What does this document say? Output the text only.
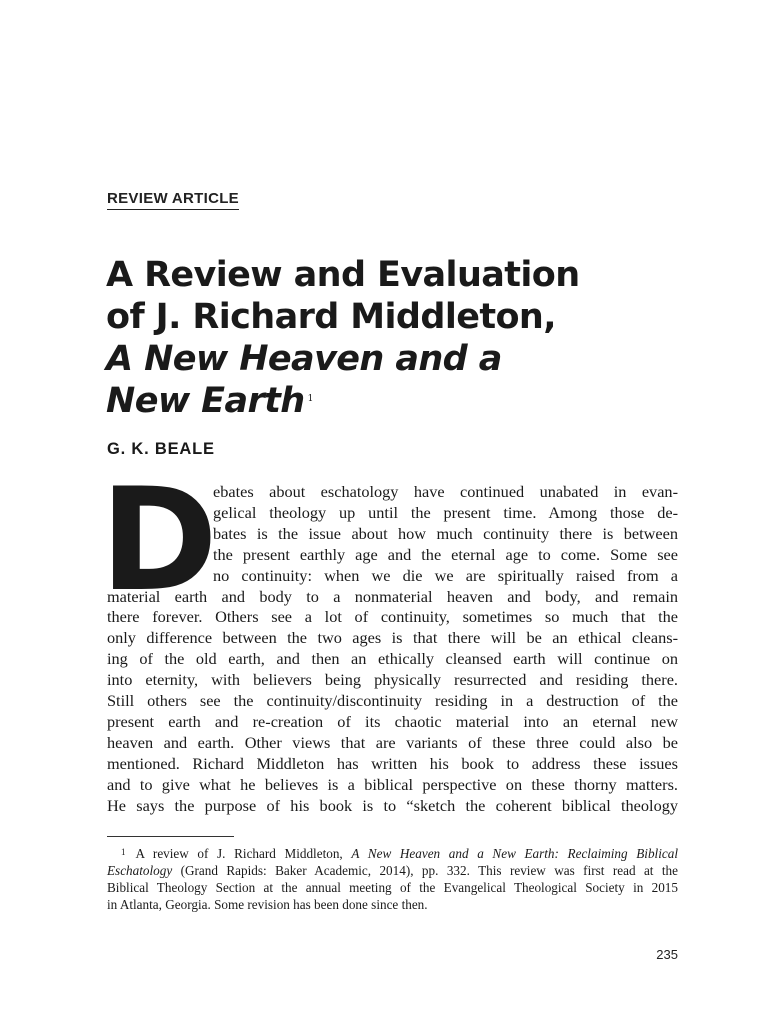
REVIEW ARTICLE
A Review and Evaluation
of J. Richard Middleton,
A New Heaven and a
New Earth $^1$
G. K. BEALE
D ebates about eschatology have continued unabated in evan-
gelical theology up until the present time. Among those de-
bates is the issue about how much continuity there is between
the present earthly age and the eternal age to come. Some see
no continuity: when we die we are spiritually raised from a
material earth and body to a nonmaterial heaven and body, and remain
there forever. Others see a lot of continuity, sometimes so much that the
only difference between the two ages is that there will be an ethical cleans-
ing of the old earth, and then an ethically cleansed earth will continue on
into eternity, with believers being physically resurrected and residing there.
Still others see the continuity/discontinuity residing in a destruction of the
present earth and re-creation of its chaotic material into an eternal new
heaven and earth. Other views that are variants of these three could also be
mentioned. Richard Middleton has written his book to address these issues
and to give what he believes is a biblical perspective on these thorny matters.
He says the purpose of his book is to “sketch the coherent biblical theology
$^1$ A review of J. Richard Middleton, A New Heaven and a New Earth: Reclaiming Biblical
Eschatology (Grand Rapids: Baker Academic, 2014), pp. 332. This review was first read at the
Biblical Theology Section at the annual meeting of the Evangelical Theological Society in 2015
in Atlanta, Georgia. Some revision has been done since then.
235
